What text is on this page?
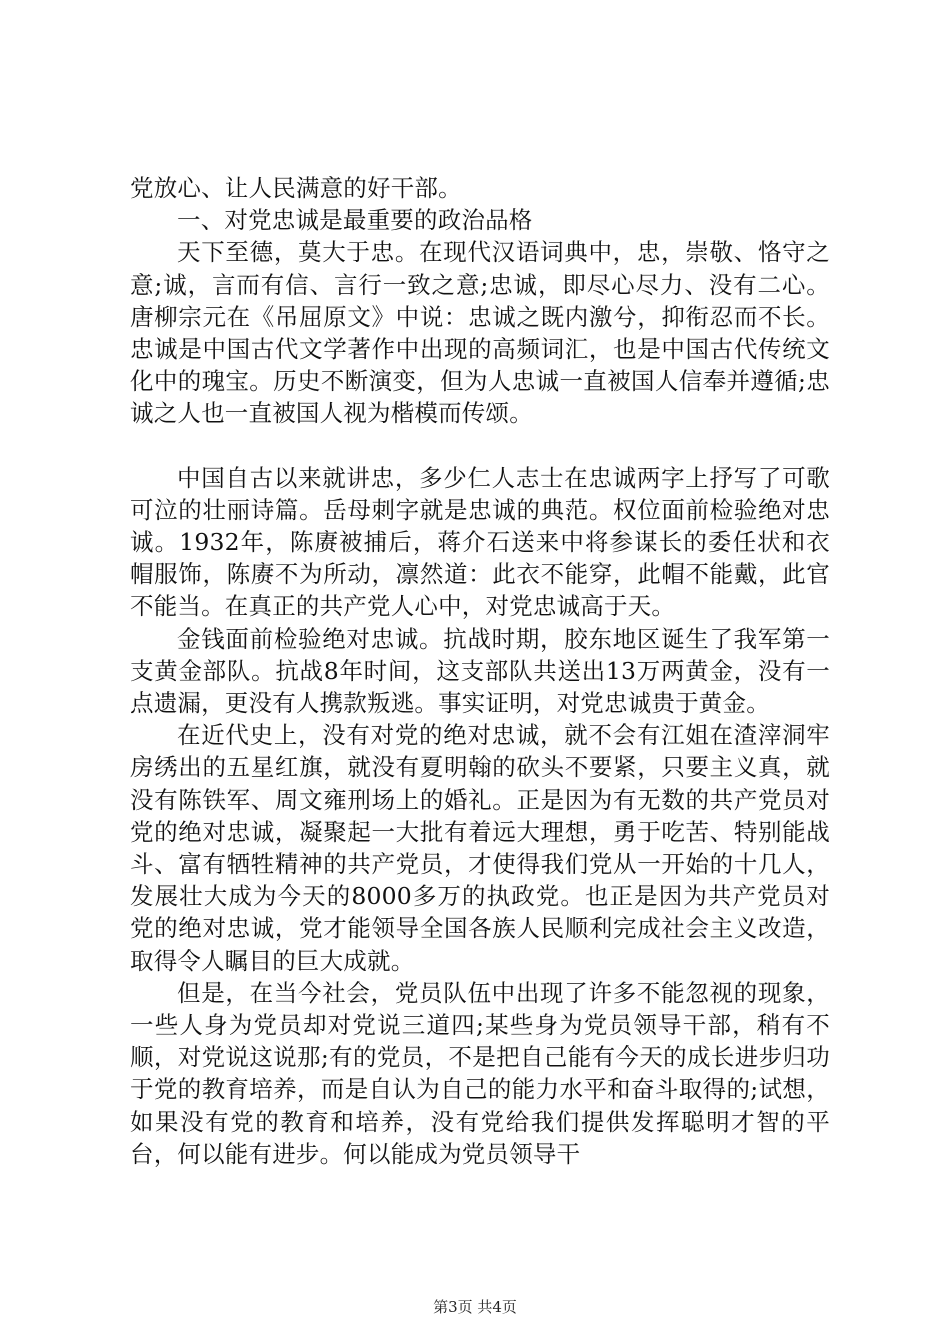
党放心、让人民满意的好干部。

一、对党忠诚是最重要的政治品格

天下至德，莫大于忠。在现代汉语词典中，忠，崇敬、恪守之意;诚，言而有信、言行一致之意;忠诚，即尽心尽力、没有二心。唐柳宗元在《吊屈原文》中说：忠诚之既内激兮，抑衔忍而不长。忠诚是中国古代文学著作中出现的高频词汇，也是中国古代传统文化中的瑰宝。历史不断演变，但为人忠诚一直被国人信奉并遵循;忠诚之人也一直被国人视为楷模而传颂。

中国自古以来就讲忠，多少仁人志士在忠诚两字上抒写了可歌可泣的壮丽诗篇。岳母刺字就是忠诚的典范。权位面前检验绝对忠诚。1932年，陈赓被捕后，蒋介石送来中将参谋长的委任状和衣帽服饰，陈赓不为所动，凛然道：此衣不能穿，此帽不能戴，此官不能当。在真正的共产党人心中，对党忠诚高于天。

金钱面前检验绝对忠诚。抗战时期，胶东地区诞生了我军第一支黄金部队。抗战8年时间，这支部队共送出13万两黄金，没有一点遗漏，更没有人携款叛逃。事实证明，对党忠诚贵于黄金。

在近代史上，没有对党的绝对忠诚，就不会有江姐在渣滓洞牢房绣出的五星红旗，就没有夏明翰的砍头不要紧，只要主义真，就没有陈铁军、周文雍刑场上的婚礼。正是因为有无数的共产党员对党的绝对忠诚，凝聚起一大批有着远大理想，勇于吃苦、特别能战斗、富有牺牲精神的共产党员，才使得我们党从一开始的十几人，发展壮大成为今天的8000多万的执政党。也正是因为共产党员对党的绝对忠诚，党才能领导全国各族人民顺利完成社会主义改造，取得令人瞩目的巨大成就。

但是，在当今社会，党员队伍中出现了许多不能忽视的现象，一些人身为党员却对党说三道四;某些身为党员领导干部，稍有不顺，对党说这说那;有的党员，不是把自己能有今天的成长进步归功于党的教育培养，而是自认为自己的能力水平和奋斗取得的;试想，如果没有党的教育和培养，没有党给我们提供发挥聪明才智的平台，何以能有进步。何以能成为党员领导干

第3页 共4页
